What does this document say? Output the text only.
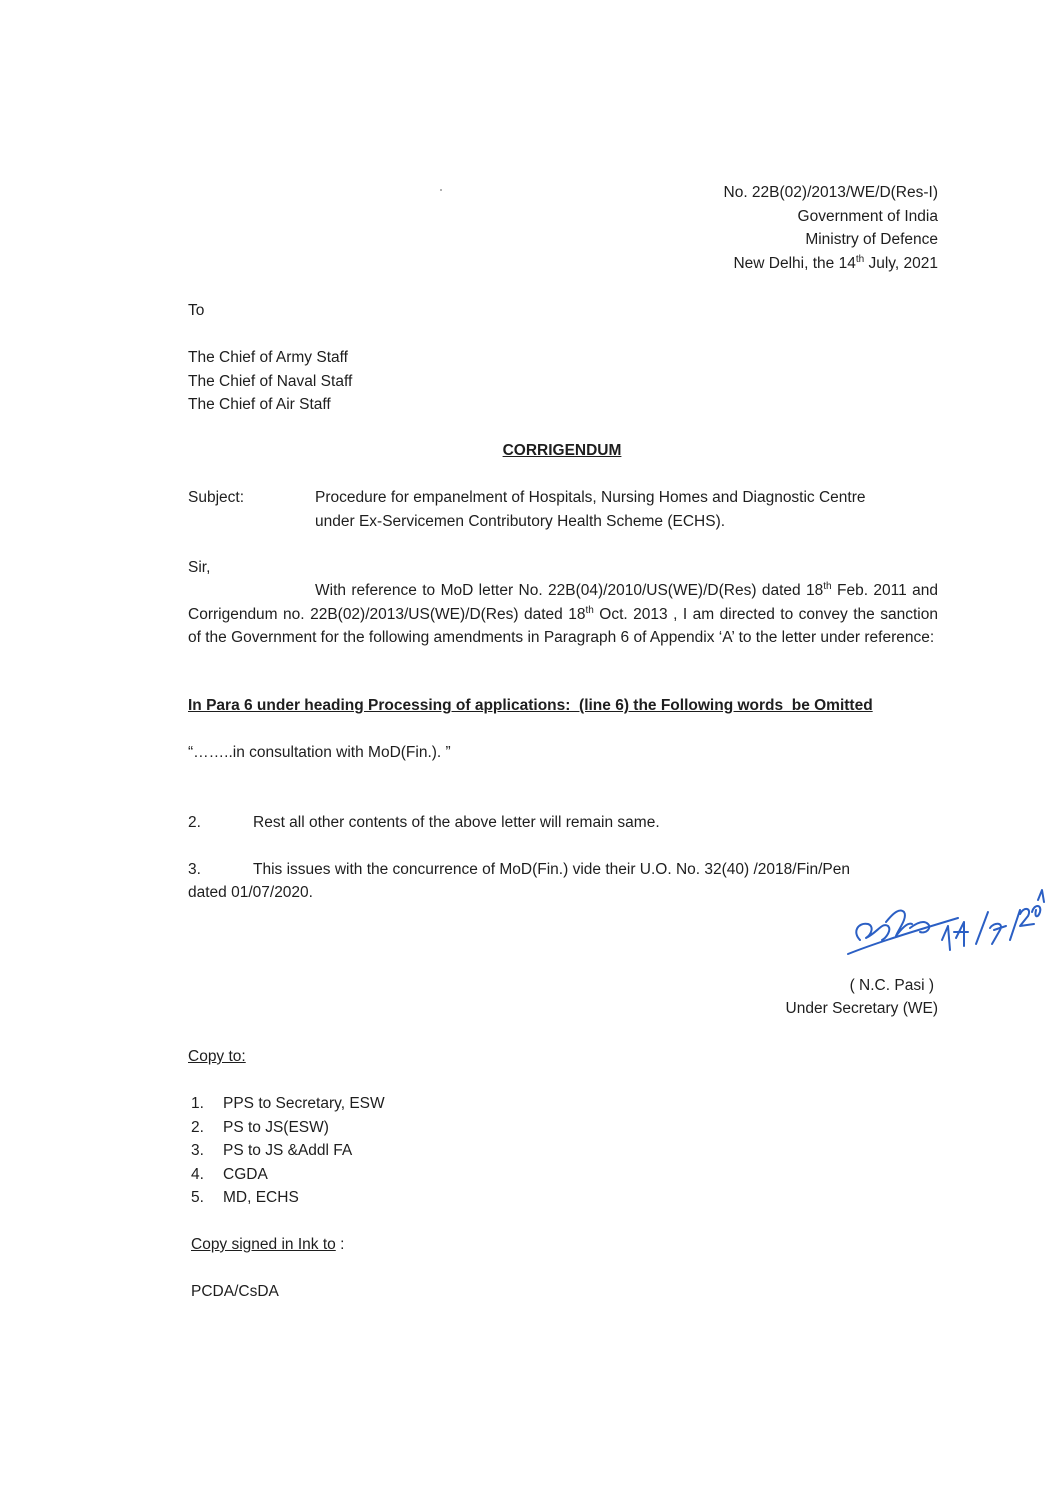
No. 22B(02)/2013/WE/D(Res-I)
Government of India
Ministry of Defence
New Delhi, the 14th July, 2021
To
The Chief of Army Staff
The Chief of Naval Staff
The Chief of Air Staff
CORRIGENDUM
Subject:	Procedure for empanelment of Hospitals, Nursing Homes and Diagnostic Centre
under Ex-Servicemen Contributory Health Scheme (ECHS).
Sir,
With reference to MoD letter No. 22B(04)/2010/US(WE)/D(Res) dated 18th Feb. 2011 and Corrigendum no. 22B(02)/2013/US(WE)/D(Res) dated 18th Oct. 2013 , I am directed to convey the sanction of the Government for the following amendments in Paragraph 6 of Appendix ‘A’ to the letter under reference:
In Para 6 under heading Processing of applications:  (line 6) the Following words  be Omitted
“……..in consultation with MoD(Fin.). ”
2.	Rest all other contents of the above letter will remain same.
3.	This issues with the concurrence of MoD(Fin.) vide their U.O. No. 32(40) /2018/Fin/Pen
dated 01/07/2020.
14/7/2021
( N.C. Pasi )
Under Secretary (WE)
Copy to:
1. PPS to Secretary, ESW
2. PS to JS(ESW)
3. PS to JS &Addl FA
4. CGDA
5. MD, ECHS
Copy signed in Ink to :
PCDA/CsDA
